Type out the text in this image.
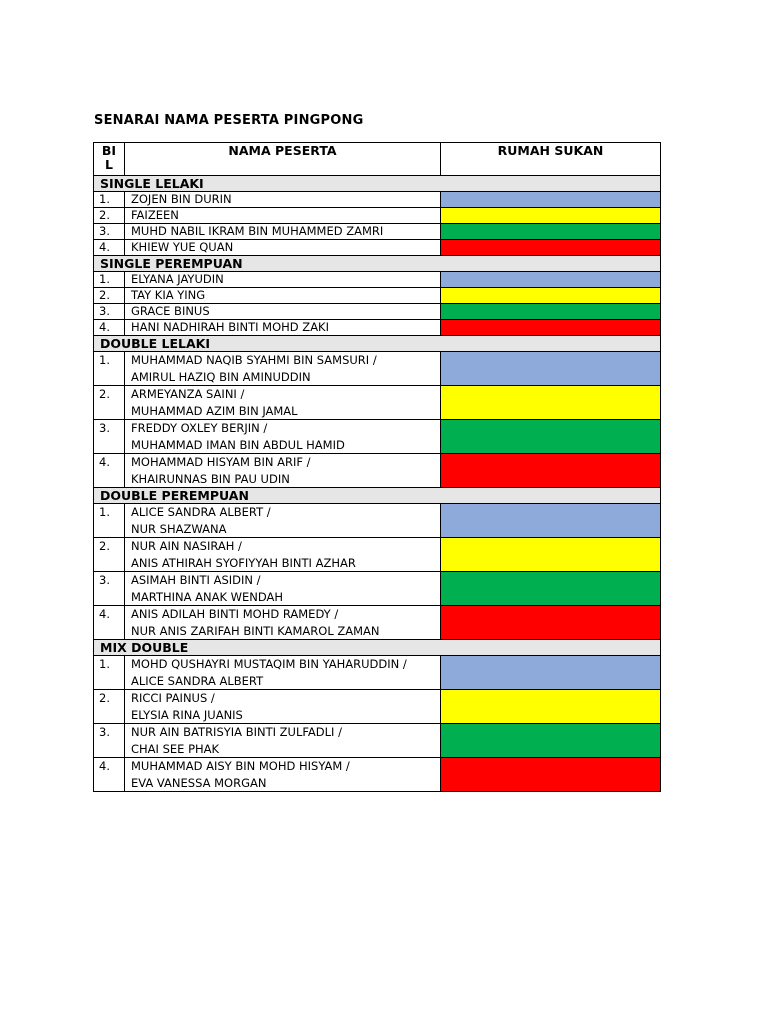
SENARAI NAMA PESERTA PINGPONG
BIL	NAMA PESERTA	RUMAH SUKAN
SINGLE LELAKI		
1.	ZOJEN BIN DURIN	

2.	FAIZEEN	

3.	MUHD NABIL IKRAM BIN MUHAMMED ZAMRI	

4.	KHIEW YUE QUAN	

SINGLE PEREMPUAN		
1.	ELYANA JAYUDIN	

2.	TAY KIA YING	

3.	GRACE BINUS	

4.	HANI NADHIRAH BINTI MOHD ZAKI	

DOUBLE LELAKI		
1.	MUHAMMAD NAQIB SYAHMI BIN SAMSURI /
AMIRUL HAZIQ BIN AMINUDDIN	

2.	ARMEYANZA SAINI /
MUHAMMAD AZIM BIN JAMAL	

3.	FREDDY OXLEY BERJIN /
MUHAMMAD IMAN BIN ABDUL HAMID	

4.	MOHAMMAD HISYAM BIN ARIF /
KHAIRUNNAS BIN PAU UDIN	

DOUBLE PEREMPUAN		
1.	ALICE SANDRA ALBERT /
NUR SHAZWANA	

2.	NUR AIN NASIRAH /
ANIS ATHIRAH SYOFIYYAH BINTI AZHAR	

3.	ASIMAH BINTI ASIDIN /
MARTHINA ANAK WENDAH	

4.	ANIS ADILAH BINTI MOHD RAMEDY /
NUR ANIS ZARIFAH BINTI KAMAROL ZAMAN	

MIX DOUBLE		
1.	MOHD QUSHAYRI MUSTAQIM BIN YAHARUDDIN /
ALICE SANDRA ALBERT	

2.	RICCI PAINUS /
ELYSIA RINA JUANIS	

3.	NUR AIN BATRISYIA BINTI ZULFADLI /
CHAI SEE PHAK	

4.	MUHAMMAD AISY BIN MOHD HISYAM /
EVA VANESSA MORGAN	
